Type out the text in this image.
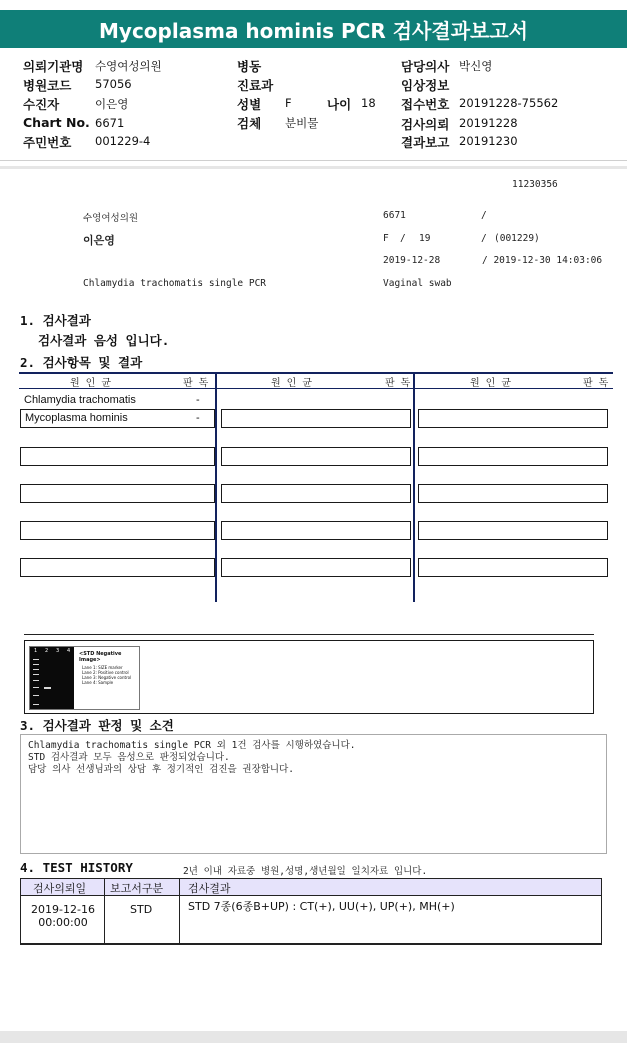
Mycoplasma hominis PCR 검사결과보고서
의뢰기관명 수영여성의원
병원코드 57056
수진자	이은영
Chart No. 6671
주민번호 001229-4
병동
진료과
성별 F	나이 18
검체 분비물
담당의사 박신영
임상정보
접수번호 20191228-75562
검사의뢰 20191228
결과보고 20191230
11230356
수영여성의원	6671	/
이은영	F / 19	/ (001229)
2019-12-28	/ 2019-12-30 14:03:06
Chlamydia trachomatis single PCR	Vaginal swab
1. 검사결과
검사결과 음성 입니다.
2. 검사항목 및 결과
원 인 균	판 독	원 인 균	판 독	원 인 균	판 독
Chlamydia trachomatis	-
Mycoplasma hominis	-
1 2 3 4 <STD Negative Image>
Lane 1: SIZE marker
Lane 2: Positive control
Lane 3: Negative control
Lane 4: Sample
3. 검사결과 판정 및 소견
Chlamydia trachomatis single PCR 외 1건 검사를 시행하였습니다.
STD 검사결과 모두 음성으로 판정되었습니다.
담당 의사 선생님과의 상담 후 정기적인 검진을 권장합니다.
4. TEST HISTORY	2년 이내 자료중 병원,성명,생년월일 일치자료 입니다.
검사의뢰일 보고서구분 검사결과
2019-12-16
00:00:00
STD	STD 7종(6종B+UP) : CT(+), UU(+), UP(+), MH(+)
